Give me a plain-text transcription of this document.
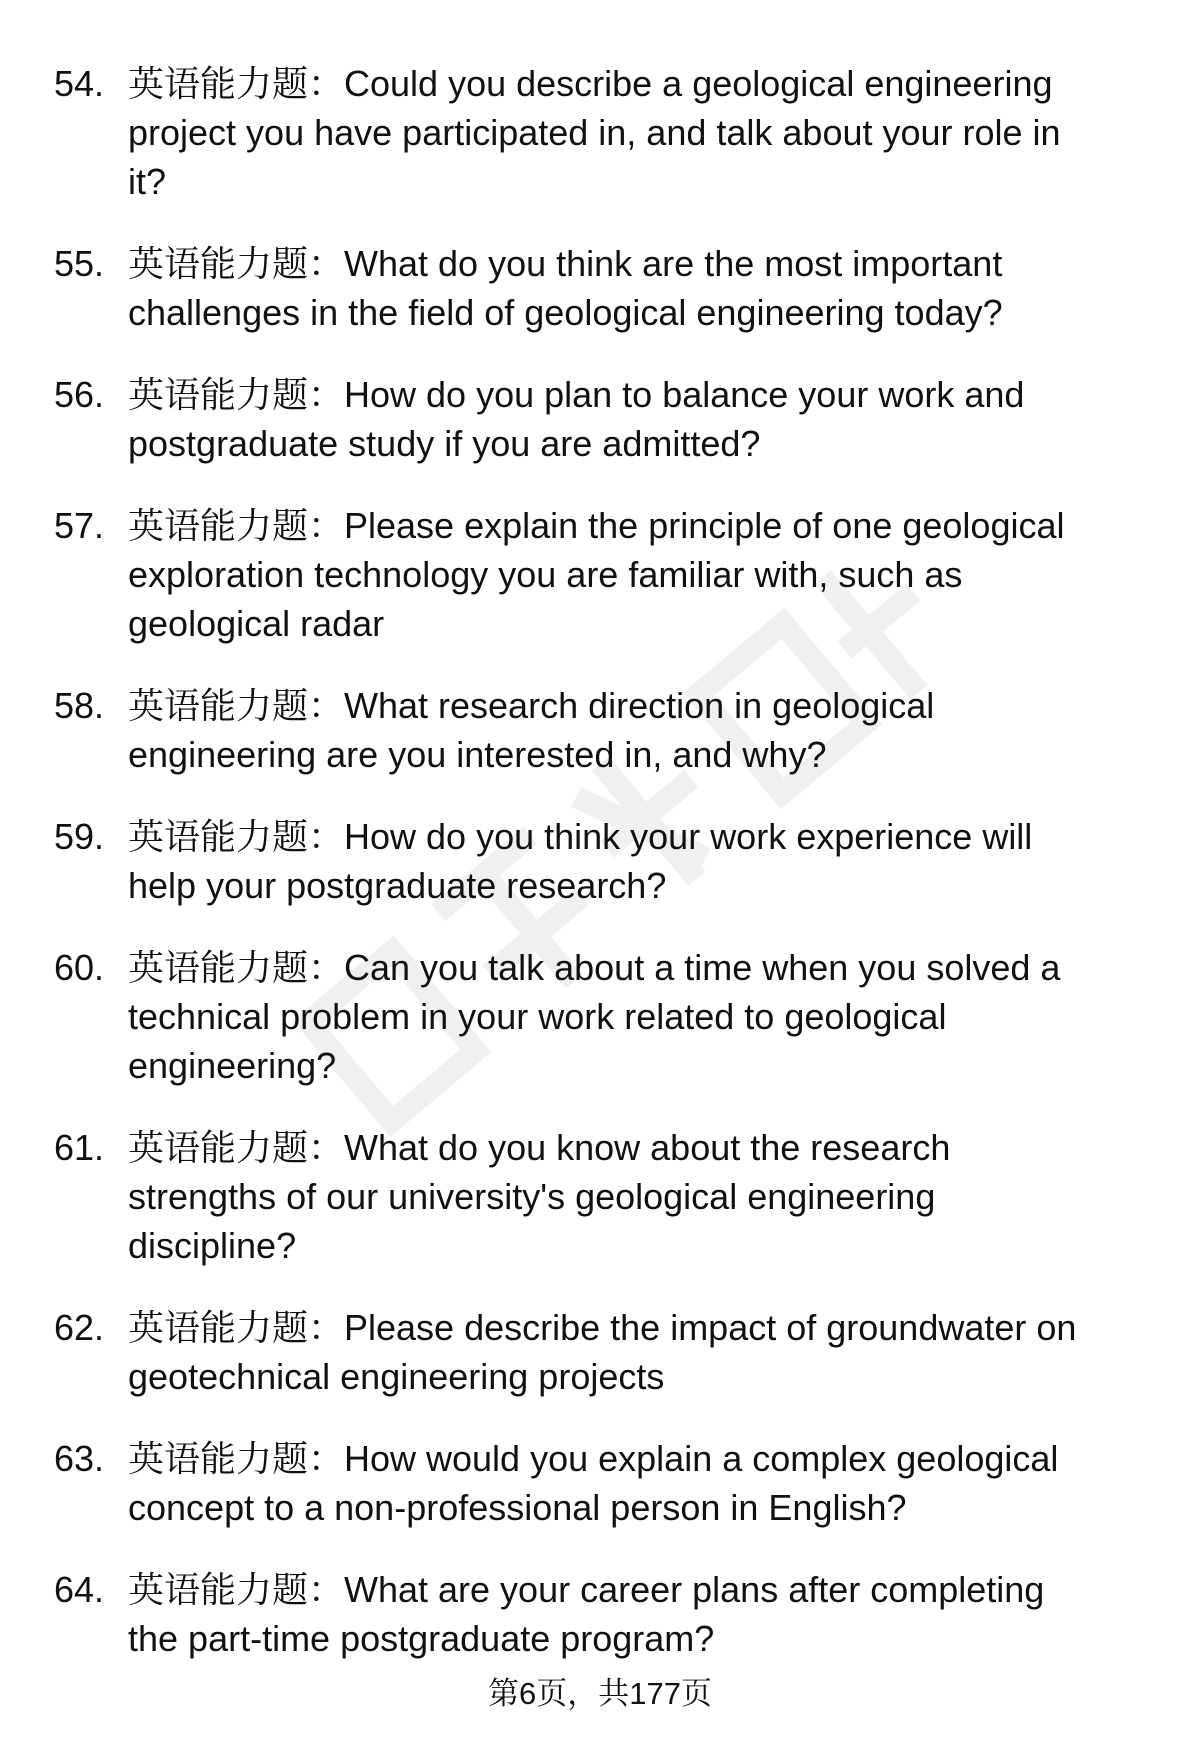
54. 英语能力题：Could you describe a geological engineering
project you have participated in, and talk about your role in
it?
55. 英语能力题：What do you think are the most important
challenges in the field of geological engineering today?
56. 英语能力题：How do you plan to balance your work and
postgraduate study if you are admitted?
57. 英语能力题：Please explain the principle of one geological
exploration technology you are familiar with, such as
geological radar
58. 英语能力题：What research direction in geological
engineering are you interested in, and why?
59. 英语能力题：How do you think your work experience will
help your postgraduate research?
60. 英语能力题：Can you talk about a time when you solved a
technical problem in your work related to geological
engineering?
61. 英语能力题：What do you know about the research
strengths of our university's geological engineering
discipline?
62. 英语能力题：Please describe the impact of groundwater on
geotechnical engineering projects
63. 英语能力题：How would you explain a complex geological
concept to a non-professional person in English?
64. 英语能力题：What are your career plans after completing
the part-time postgraduate program?
第6页，共177页
